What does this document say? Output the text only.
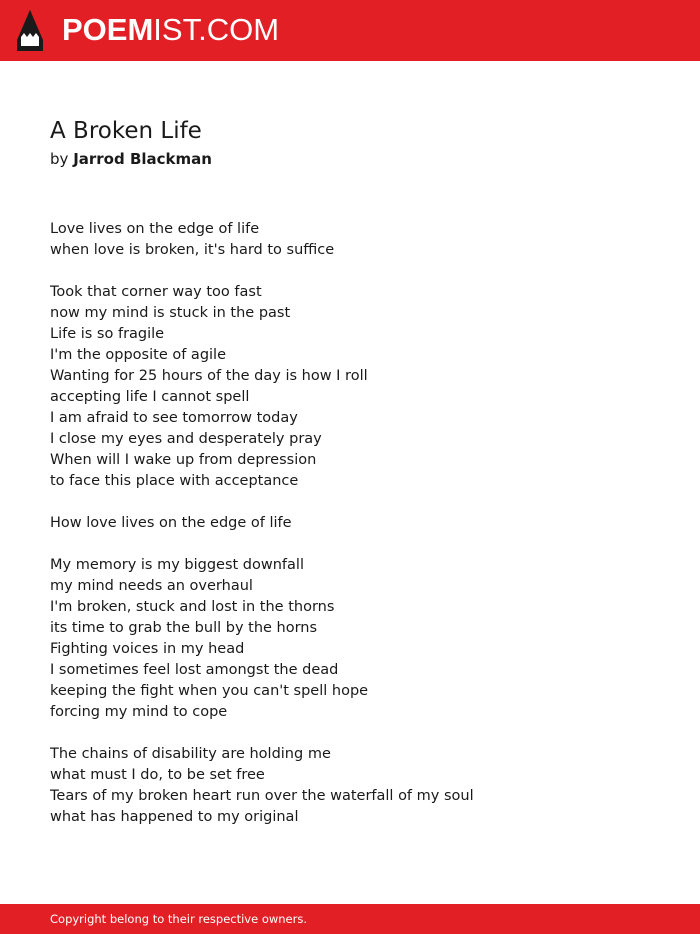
POEMIST.COM
A Broken Life
by Jarrod Blackman
Love lives on the edge of life
when love is broken, it's hard to suffice
Took that corner way too fast
now my mind is stuck in the past
Life is so fragile
I'm the opposite of agile
Wanting for 25 hours of the day is how I roll
accepting life I cannot spell
I am afraid to see tomorrow today
I close my eyes and desperately pray
When will I wake up from depression
to face this place with acceptance
How love lives on the edge of life
My memory is my biggest downfall
my mind needs an overhaul
I'm broken, stuck and lost in the thorns
its time to grab the bull by the horns
Fighting voices in my head
I sometimes feel lost amongst the dead
keeping the fight when you can't spell hope
forcing my mind to cope
The chains of disability are holding me
what must I do, to be set free
Tears of my broken heart run over the waterfall of my soul
what has happened to my original
Copyright belong to their respective owners.
